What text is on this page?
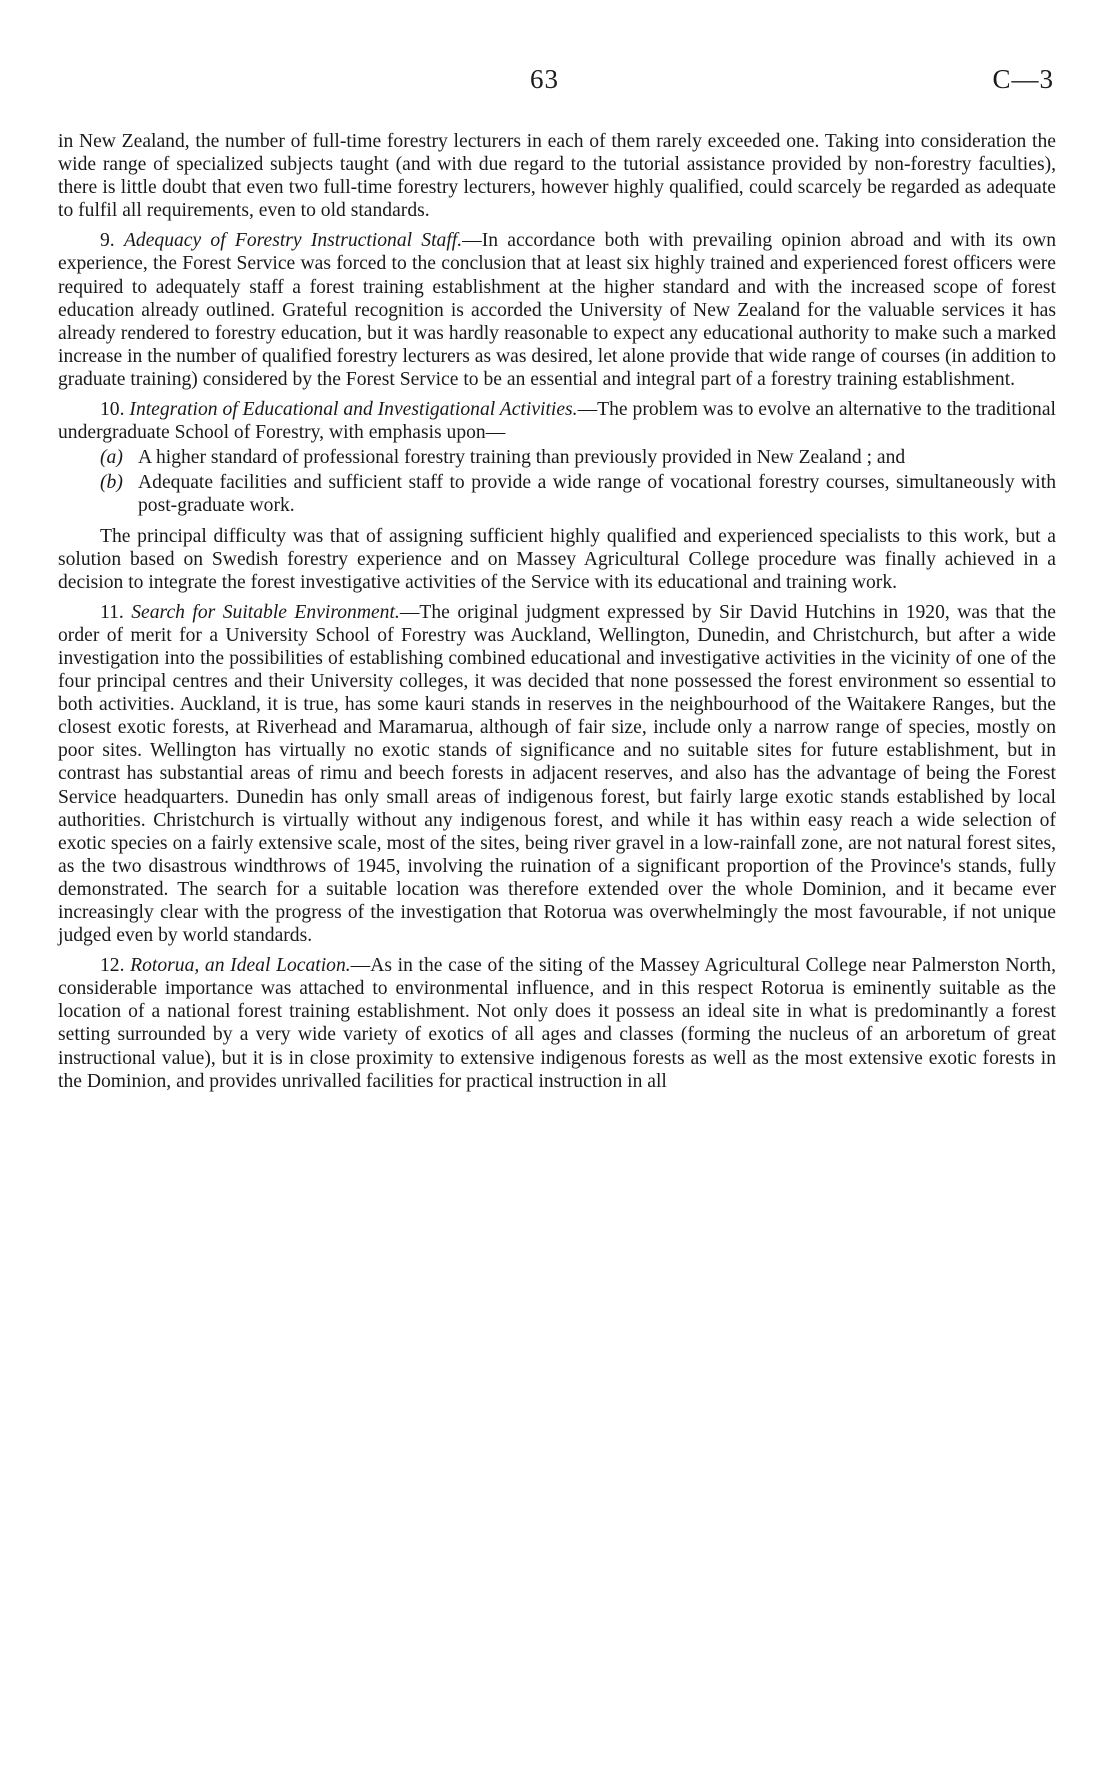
63	C—3

in New Zealand, the number of full-time forestry lecturers in each of them rarely exceeded one. Taking into consideration the wide range of specialized subjects taught (and with due regard to the tutorial assistance provided by non-forestry faculties), there is little doubt that even two full-time forestry lecturers, however highly qualified, could scarcely be regarded as adequate to fulfil all requirements, even to old standards.

9. Adequacy of Forestry Instructional Staff.—In accordance both with prevailing opinion abroad and with its own experience, the Forest Service was forced to the conclusion that at least six highly trained and experienced forest officers were required to adequately staff a forest training establishment at the higher standard and with the increased scope of forest education already outlined. Grateful recognition is accorded the University of New Zealand for the valuable services it has already rendered to forestry education, but it was hardly reasonable to expect any educational authority to make such a marked increase in the number of qualified forestry lecturers as was desired, let alone provide that wide range of courses (in addition to graduate training) considered by the Forest Service to be an essential and integral part of a forestry training establishment.

10. Integration of Educational and Investigational Activities.—The problem was to evolve an alternative to the traditional undergraduate School of Forestry, with emphasis upon—

(a) A higher standard of professional forestry training than previously provided in New Zealand ; and

(b) Adequate facilities and sufficient staff to provide a wide range of vocational forestry courses, simultaneously with post-graduate work.

The principal difficulty was that of assigning sufficient highly qualified and experienced specialists to this work, but a solution based on Swedish forestry experience and on Massey Agricultural College procedure was finally achieved in a decision to integrate the forest investigative activities of the Service with its educational and training work.

11. Search for Suitable Environment.—The original judgment expressed by Sir David Hutchins in 1920, was that the order of merit for a University School of Forestry was Auckland, Wellington, Dunedin, and Christchurch, but after a wide investigation into the possibilities of establishing combined educational and investigative activities in the vicinity of one of the four principal centres and their University colleges, it was decided that none possessed the forest environment so essential to both activities. Auckland, it is true, has some kauri stands in reserves in the neighbourhood of the Waitakere Ranges, but the closest exotic forests, at Riverhead and Maramarua, although of fair size, include only a narrow range of species, mostly on poor sites. Wellington has virtually no exotic stands of significance and no suitable sites for future establishment, but in contrast has substantial areas of rimu and beech forests in adjacent reserves, and also has the advantage of being the Forest Service headquarters. Dunedin has only small areas of indigenous forest, but fairly large exotic stands established by local authorities. Christchurch is virtually without any indigenous forest, and while it has within easy reach a wide selection of exotic species on a fairly extensive scale, most of the sites, being river gravel in a low-rainfall zone, are not natural forest sites, as the two disastrous windthrows of 1945, involving the ruination of a significant proportion of the Province's stands, fully demonstrated. The search for a suitable location was therefore extended over the whole Dominion, and it became ever increasingly clear with the progress of the investigation that Rotorua was overwhelmingly the most favourable, if not unique judged even by world standards.

12. Rotorua, an Ideal Location.—As in the case of the siting of the Massey Agricultural College near Palmerston North, considerable importance was attached to environmental influence, and in this respect Rotorua is eminently suitable as the location of a national forest training establishment. Not only does it possess an ideal site in what is predominantly a forest setting surrounded by a very wide variety of exotics of all ages and classes (forming the nucleus of an arboretum of great instructional value), but it is in close proximity to extensive indigenous forests as well as the most extensive exotic forests in the Dominion, and provides unrivalled facilities for practical instruction in all
